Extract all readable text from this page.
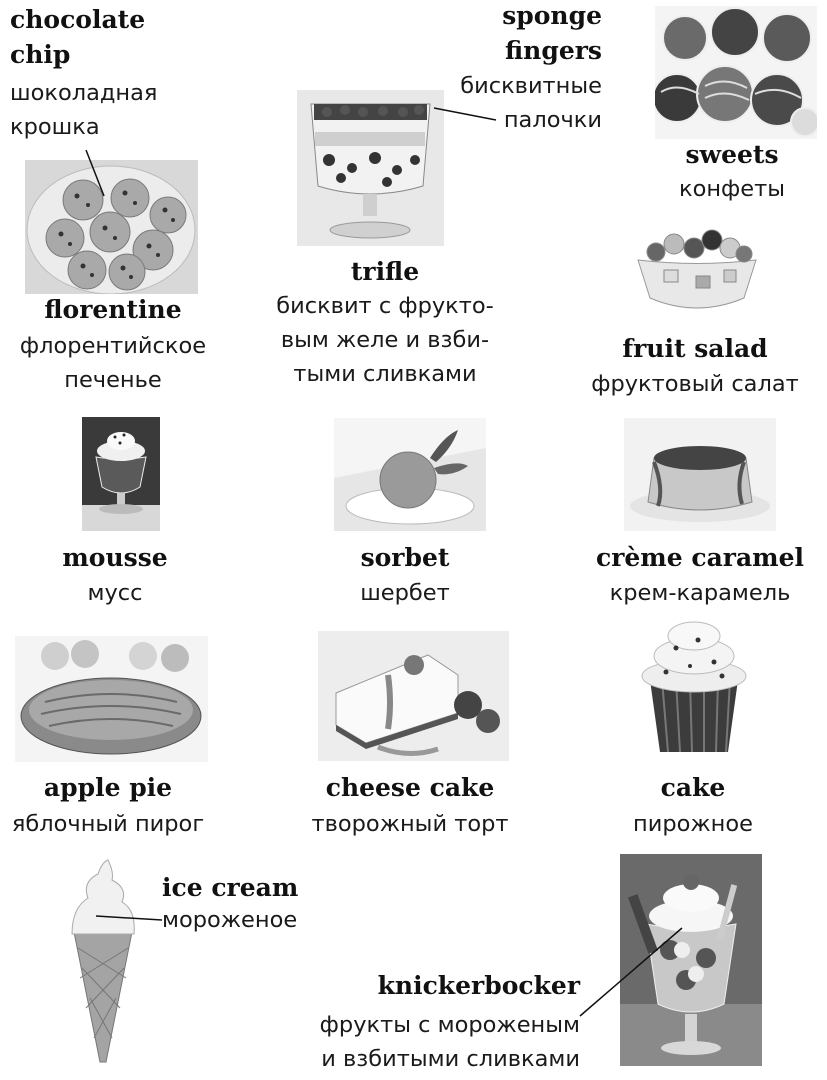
chocolate
chip
шоколадная
крошка
sponge
fingers
бисквитные
палочки
sweets
конфеты
florentine
флорентийское
печенье
trifle
бисквит с фрукто-
вым желе и взби-
тыми сливками
fruit salad
фруктовый салат
mousse
мусс
sorbet
шербет
crème caramel
крем-карамель
apple pie
яблочный пирог
cheese cake
творожный торт
cake
пирожное
ice cream
мороженое
knickerbocker
фрукты с мороженым
и взбитыми сливками
